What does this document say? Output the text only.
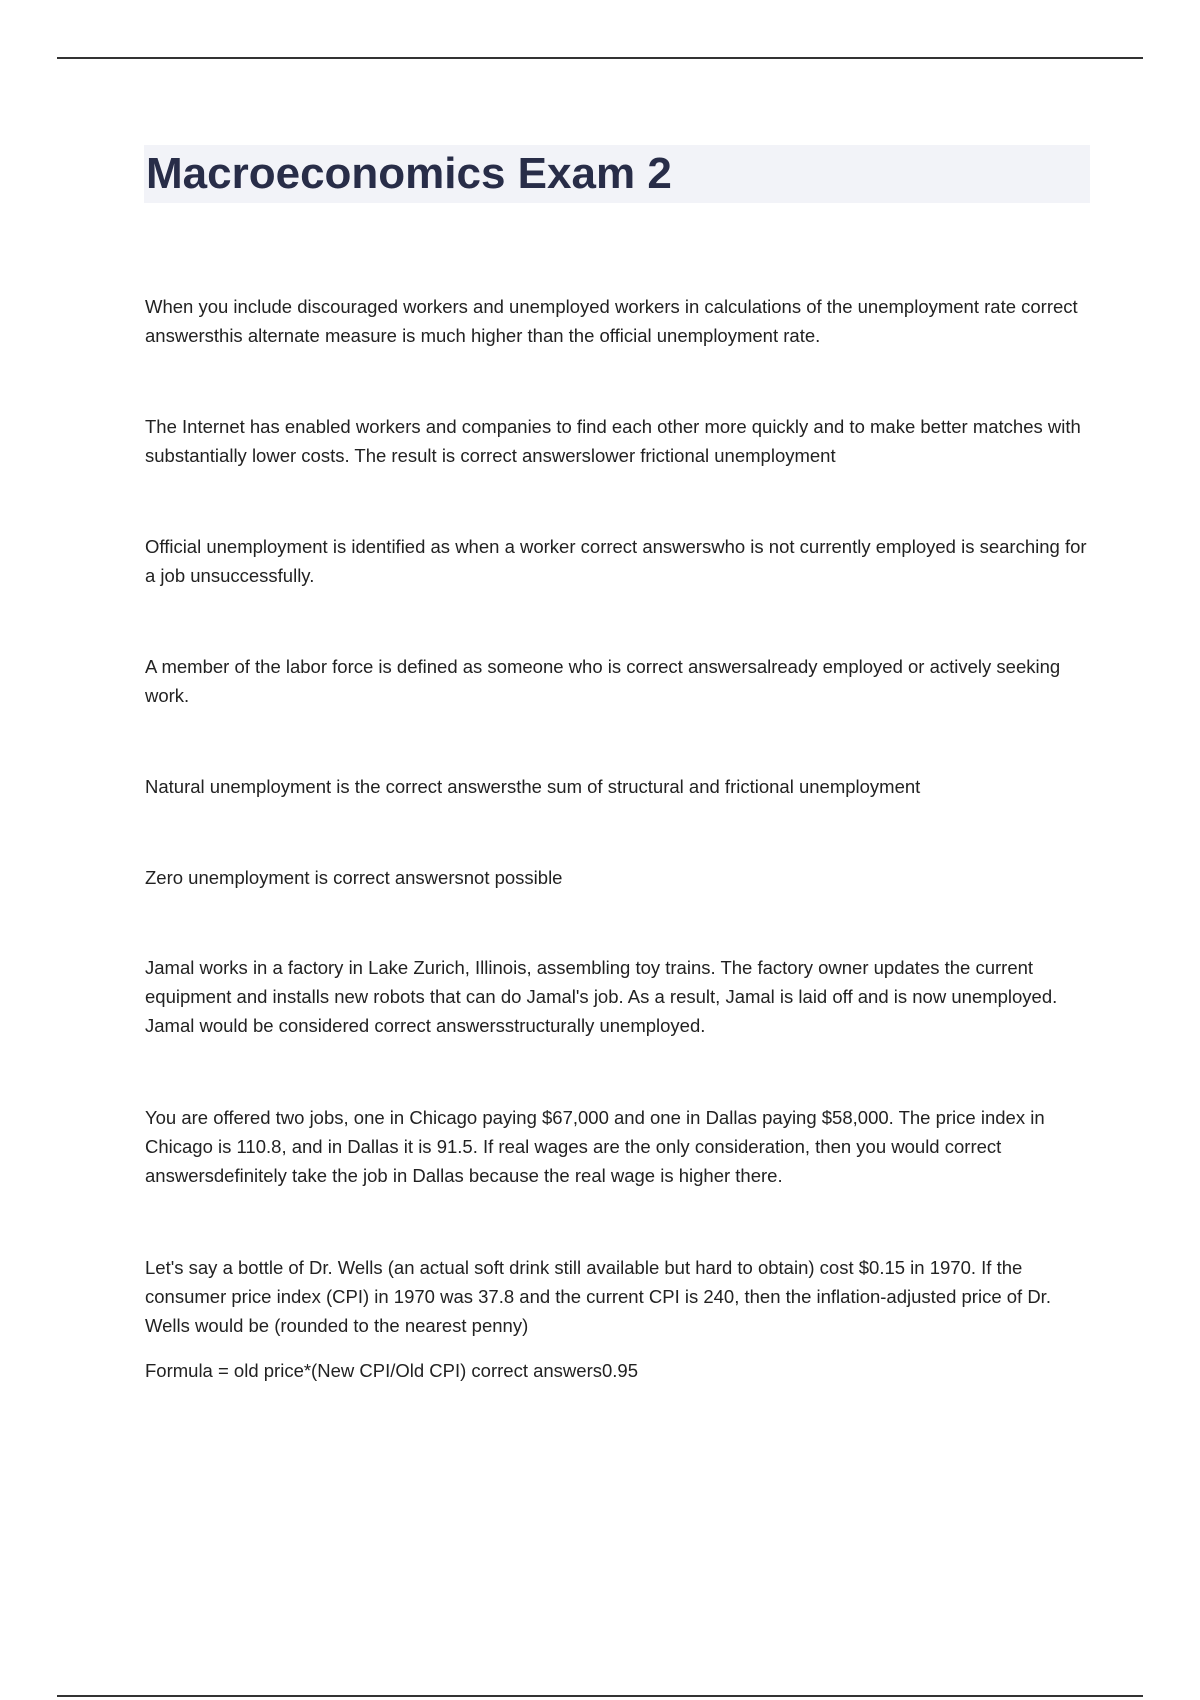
Macroeconomics Exam 2

When you include discouraged workers and unemployed workers in calculations of the unemployment rate correct answersthis alternate measure is much higher than the official unemployment rate.

The Internet has enabled workers and companies to find each other more quickly and to make better matches with substantially lower costs. The result is correct answerslower frictional unemployment

Official unemployment is identified as when a worker correct answerswho is not currently employed is searching for a job unsuccessfully.

A member of the labor force is defined as someone who is correct answersalready employed or actively seeking work.

Natural unemployment is the correct answersthe sum of structural and frictional unemployment

Zero unemployment is correct answersnot possible

Jamal works in a factory in Lake Zurich, Illinois, assembling toy trains. The factory owner updates the current equipment and installs new robots that can do Jamal's job. As a result, Jamal is laid off and is now unemployed. Jamal would be considered correct answersstructurally unemployed.

You are offered two jobs, one in Chicago paying $67,000 and one in Dallas paying $58,000. The price index in Chicago is 110.8, and in Dallas it is 91.5. If real wages are the only consideration, then you would correct answersdefinitely take the job in Dallas because the real wage is higher there.

Let's say a bottle of Dr. Wells (an actual soft drink still available but hard to obtain) cost $0.15 in 1970. If the consumer price index (CPI) in 1970 was 37.8 and the current CPI is 240, then the inflation-adjusted price of Dr. Wells would be (rounded to the nearest penny)

Formula = old price*(New CPI/Old CPI) correct answers0.95
